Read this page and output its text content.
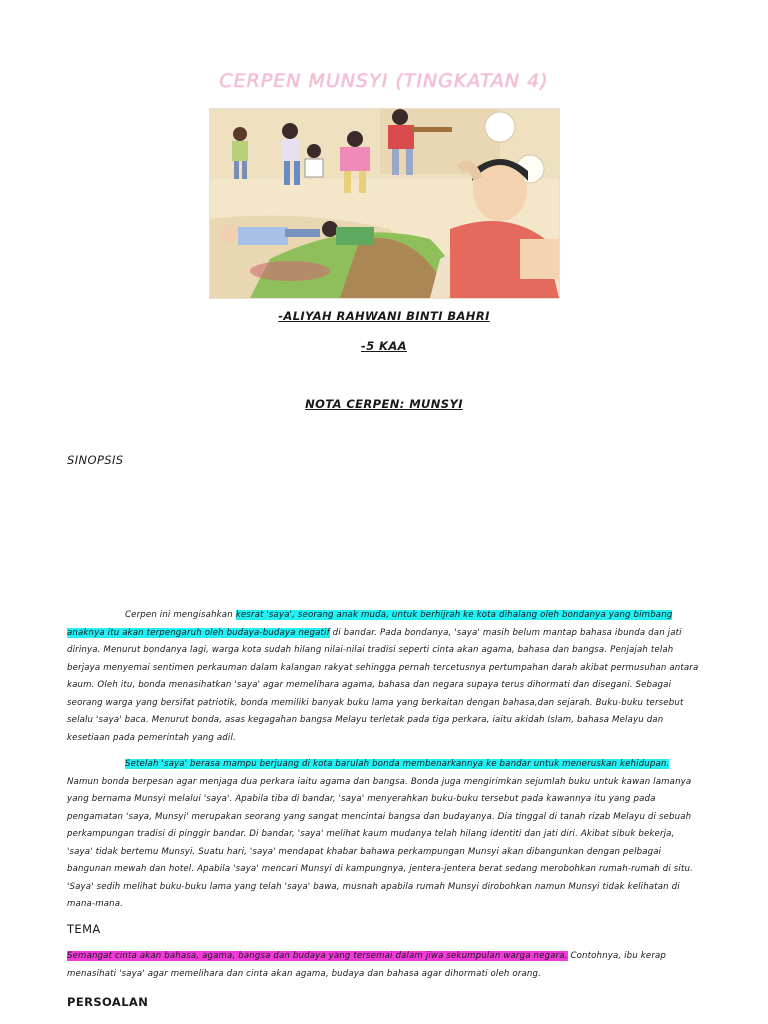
CERPEN MUNSYI (TINGKATAN 4)
-ALIYAH RAHWANI BINTI BAHRI
-5 KAA
NOTA CERPEN: MUNSYI
SINOPSIS

Cerpen ini mengisahkan kesrat 'saya', seorang anak muda, untuk berhijrah ke kota dihalang oleh bondanya yang bimbang anaknya itu akan terpengaruh oleh budaya-budaya negatif di bandar. Pada bondanya, 'saya' masih belum mantap bahasa ibunda dan jati dirinya. Menurut bondanya lagi, warga kota sudah hilang nilai-nilai tradisi seperti cinta akan agama, bahasa dan bangsa. Penjajah telah berjaya menyemai sentimen perkauman dalam kalangan rakyat sehingga pernah tercetusnya pertumpahan darah akibat permusuhan antara kaum. Oleh itu, bonda menasihatkan 'saya' agar memelihara agama, bahasa dan negara supaya terus dihormati dan disegani. Sebagai seorang warga yang bersifat patriotik, bonda memiliki banyak buku lama yang berkaitan dengan bahasa,dan sejarah. Buku-buku tersebut selalu 'saya' baca. Menurut bonda, asas kegagahan bangsa Melayu terletak pada tiga perkara, iaitu akidah Islam, bahasa Melayu dan kesetiaan pada pemerintah yang adil.

Setelah 'saya' berasa mampu berjuang di kota barulah bonda membenarkannya ke bandar untuk meneruskan kehidupan. Namun bonda berpesan agar menjaga dua perkara iaitu agama dan bangsa. Bonda juga mengirimkan sejumlah buku untuk kawan lamanya yang bernama Munsyi melalui 'saya'. Apabila tiba di bandar, 'saya' menyerahkan buku-buku tersebut pada kawannya itu yang pada pengamatan 'saya, Munsyi' merupakan seorang yang sangat mencintai bangsa dan budayanya. Dia tinggal di tanah rizab Melayu di sebuah perkampungan tradisi di pinggir bandar. Di bandar, 'saya' melihat kaum mudanya telah hilang identiti dan jati diri. Akibat sibuk bekerja, 'saya' tidak bertemu Munsyi. Suatu hari, 'saya' mendapat khabar bahawa perkampungan Munsyi akan dibangunkan dengan pelbagai bangunan mewah dan hotel. Apabila 'saya' mencari Munsyi di kampungnya, jentera-jentera berat sedang merobohkan rumah-rumah di situ. 'Saya' sedih melihat buku-buku lama yang telah 'saya' bawa, musnah apabila rumah Munsyi dirobohkan namun Munsyi tidak kelihatan di mana-mana.

TEMA

Semangat cinta akan bahasa, agama, bangsa dan budaya yang tersemai dalam jiwa sekumpulan warga negara. Contohnya, ibu kerap menasihati 'saya' agar memelihara dan cinta akan agama, budaya dan bahasa agar dihormati oleh orang.

PERSOALAN
